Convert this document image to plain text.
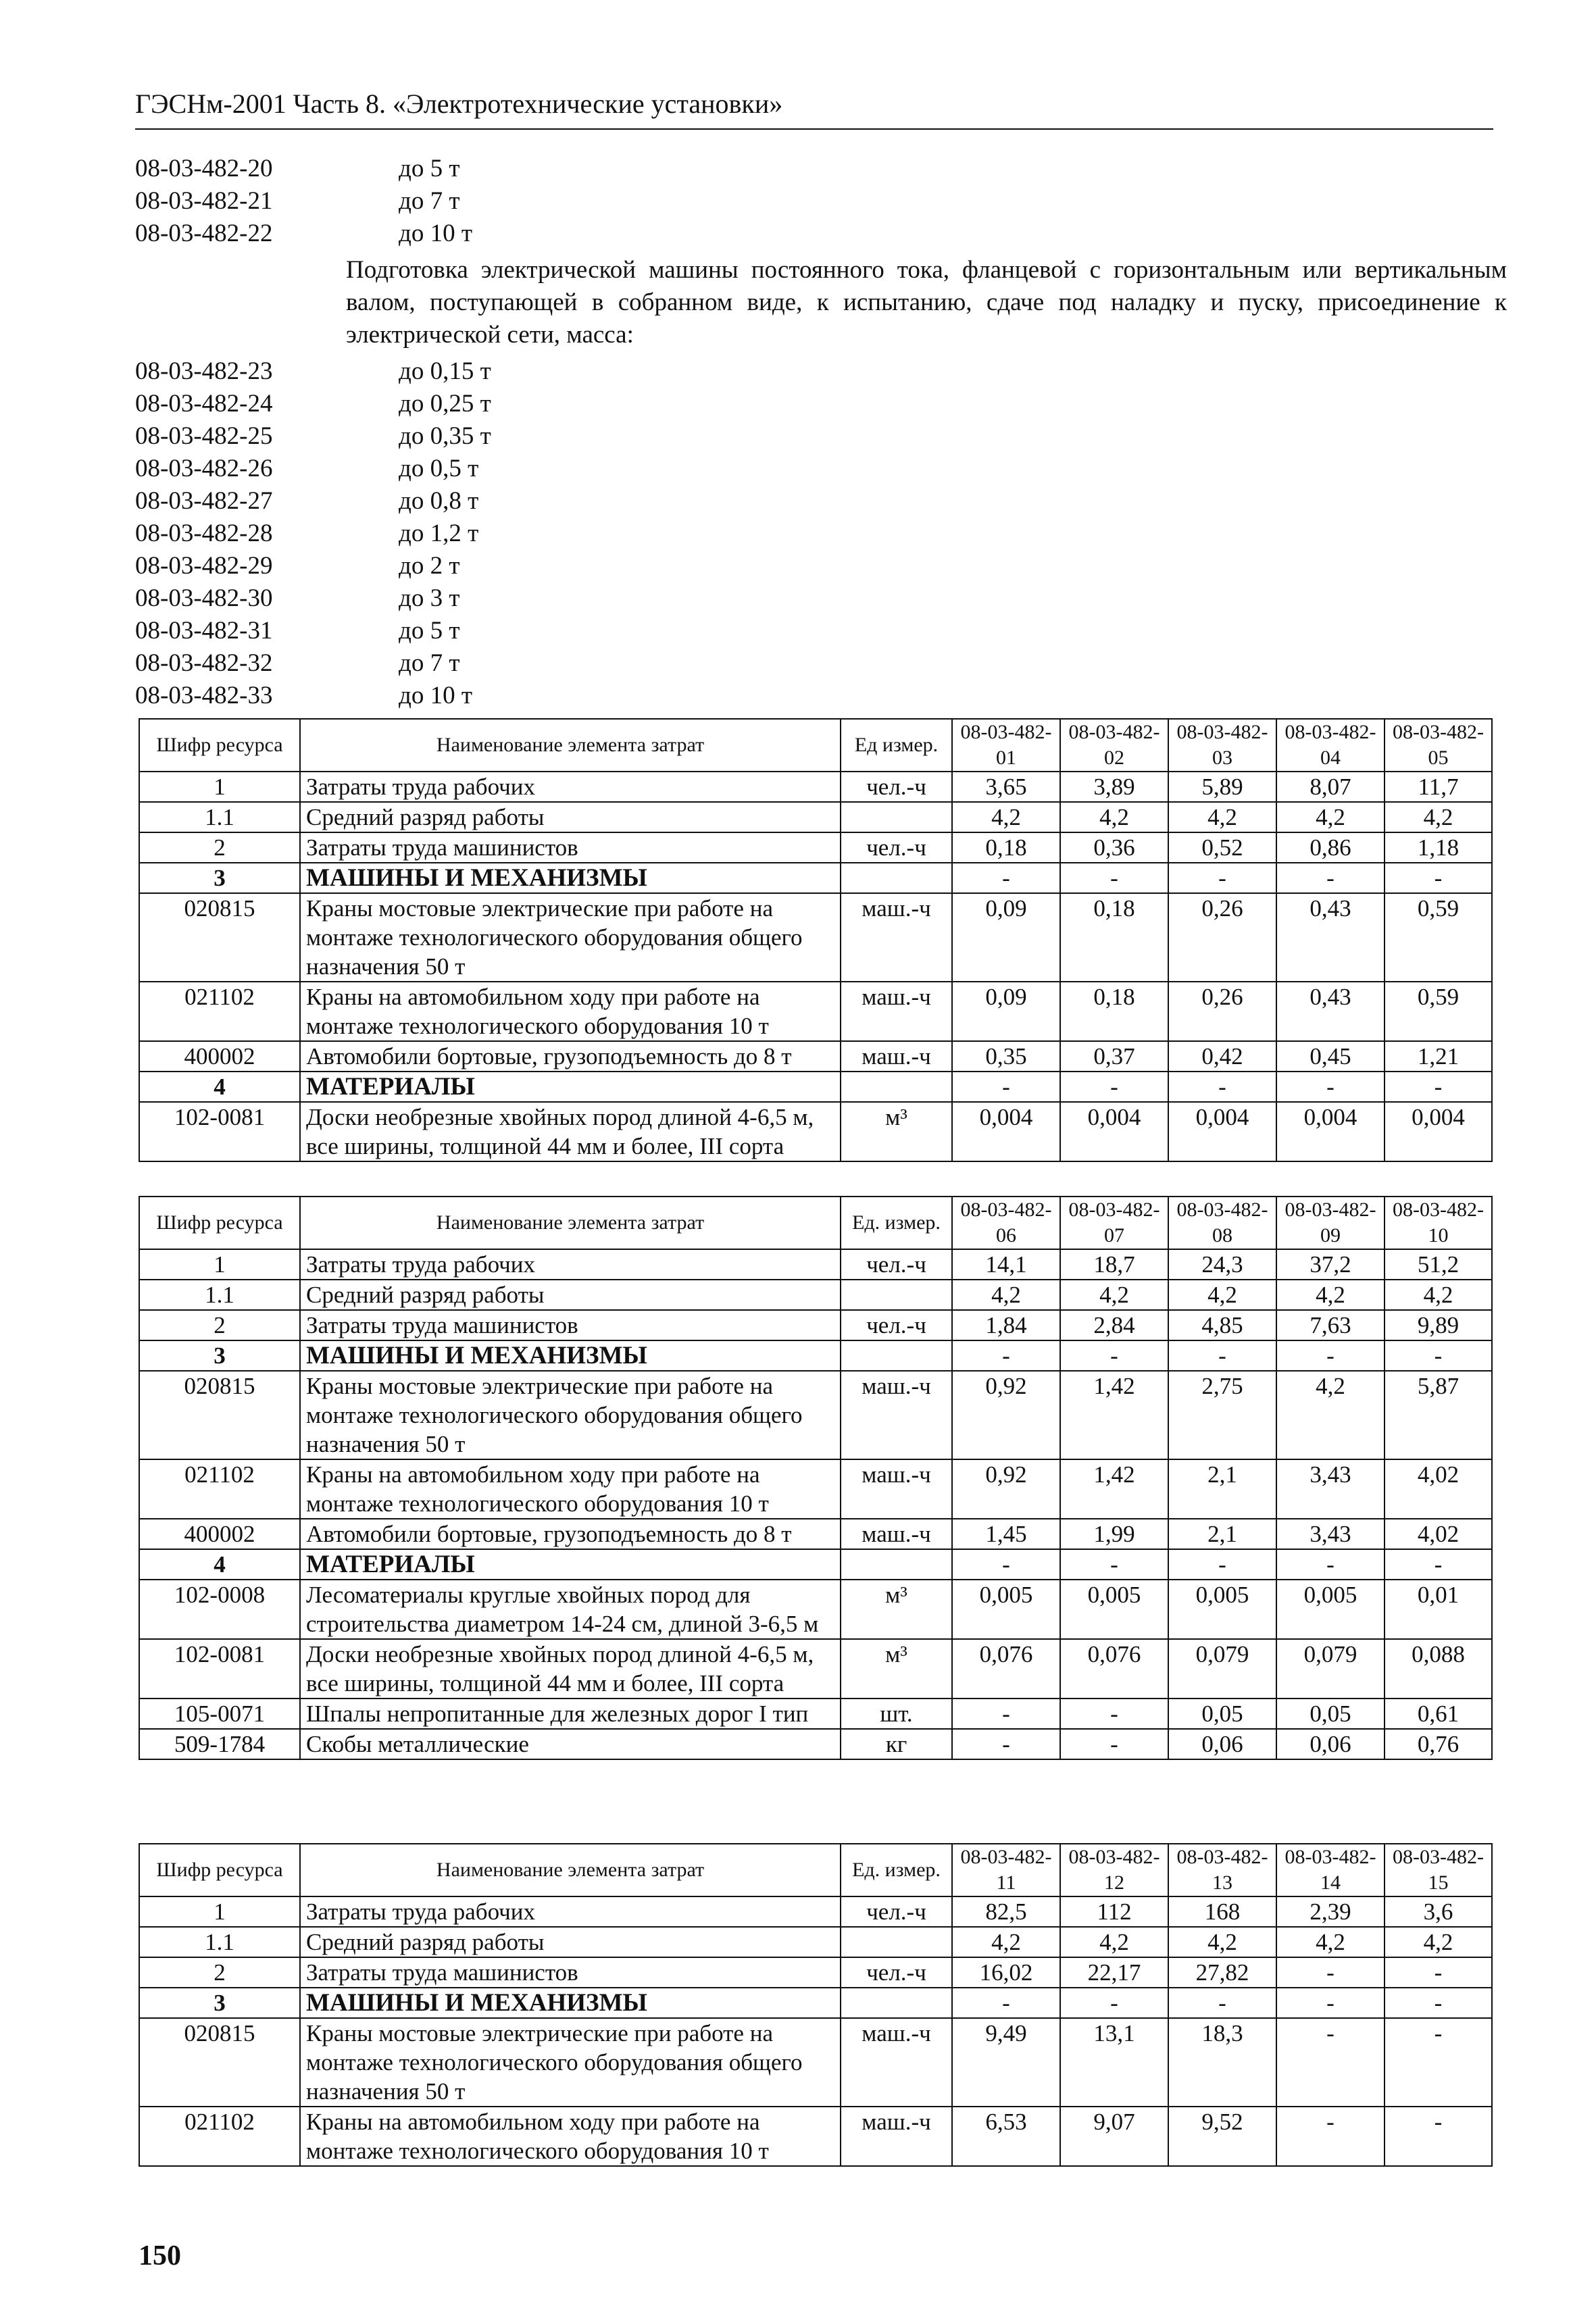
ГЭСНм-2001 Часть 8. «Электротехнические установки»
08-03-482-20	до 5 т
08-03-482-21	до 7 т
08-03-482-22	до 10 т
Подготовка электрической машины постоянного тока, фланцевой с горизонтальным или вертикальным валом, поступающей в собранном виде, к испытанию, сдаче под наладку и пуску, присоединение к электрической сети, масса:
08-03-482-23	до 0,15 т
08-03-482-24	до 0,25 т
08-03-482-25	до 0,35 т
08-03-482-26	до 0,5 т
08-03-482-27	до 0,8 т
08-03-482-28	до 1,2 т
08-03-482-29	до 2 т
08-03-482-30	до 3 т
08-03-482-31	до 5 т
08-03-482-32	до 7 т
08-03-482-33	до 10 т
Шифр ресурса	Наименование элемента затрат	Ед измер.	08-03-482-01	08-03-482-02	08-03-482-03	08-03-482-04	08-03-482-05
1	Затраты труда рабочих	чел.-ч	3,65	3,89	5,89	8,07	11,7
1.1	Средний разряд работы		4,2	4,2	4,2	4,2	4,2
2	Затраты труда машинистов	чел.-ч	0,18	0,36	0,52	0,86	1,18
3	МАШИНЫ И МЕХАНИЗМЫ		-	-	-	-	-
020815	Краны мостовые электрические при работе на монтаже технологического оборудования общего назначения 50 т	маш.-ч	0,09	0,18	0,26	0,43	0,59
021102	Краны на автомобильном ходу при работе на монтаже технологического оборудования 10 т	маш.-ч	0,09	0,18	0,26	0,43	0,59
400002	Автомобили бортовые, грузоподъемность до 8 т	маш.-ч	0,35	0,37	0,42	0,45	1,21
4	МАТЕРИАЛЫ		-	-	-	-	-
102-0081	Доски необрезные хвойных пород длиной 4-6,5 м, все ширины, толщиной 44 мм и более, III сорта	м³	0,004	0,004	0,004	0,004	0,004
Шифр ресурса	Наименование элемента затрат	Ед. измер.	08-03-482-06	08-03-482-07	08-03-482-08	08-03-482-09	08-03-482-10
1	Затраты труда рабочих	чел.-ч	14,1	18,7	24,3	37,2	51,2
1.1	Средний разряд работы		4,2	4,2	4,2	4,2	4,2
2	Затраты труда машинистов	чел.-ч	1,84	2,84	4,85	7,63	9,89
3	МАШИНЫ И МЕХАНИЗМЫ		-	-	-	-	-
020815	Краны мостовые электрические при работе на монтаже технологического оборудования общего назначения 50 т	маш.-ч	0,92	1,42	2,75	4,2	5,87
021102	Краны на автомобильном ходу при работе на монтаже технологического оборудования 10 т	маш.-ч	0,92	1,42	2,1	3,43	4,02
400002	Автомобили бортовые, грузоподъемность до 8 т	маш.-ч	1,45	1,99	2,1	3,43	4,02
4	МАТЕРИАЛЫ		-	-	-	-	-
102-0008	Лесоматериалы круглые хвойных пород для строительства диаметром 14-24 см, длиной 3-6,5 м	м³	0,005	0,005	0,005	0,005	0,01
102-0081	Доски необрезные хвойных пород длиной 4-6,5 м, все ширины, толщиной 44 мм и более, III сорта	м³	0,076	0,076	0,079	0,079	0,088
105-0071	Шпалы непропитанные для железных дорог I тип	шт.	-	-	0,05	0,05	0,61
509-1784	Скобы металлические	кг	-	-	0,06	0,06	0,76
Шифр ресурса	Наименование элемента затрат	Ед. измер.	08-03-482-11	08-03-482-12	08-03-482-13	08-03-482-14	08-03-482-15
1	Затраты труда рабочих	чел.-ч	82,5	112	168	2,39	3,6
1.1	Средний разряд работы		4,2	4,2	4,2	4,2	4,2
2	Затраты труда машинистов	чел.-ч	16,02	22,17	27,82	-	-
3	МАШИНЫ И МЕХАНИЗМЫ		-	-	-	-	-
020815	Краны мостовые электрические при работе на монтаже технологического оборудования общего назначения 50 т	маш.-ч	9,49	13,1	18,3	-	-
021102	Краны на автомобильном ходу при работе на монтаже технологического оборудования 10 т	маш.-ч	6,53	9,07	9,52	-	-
150
